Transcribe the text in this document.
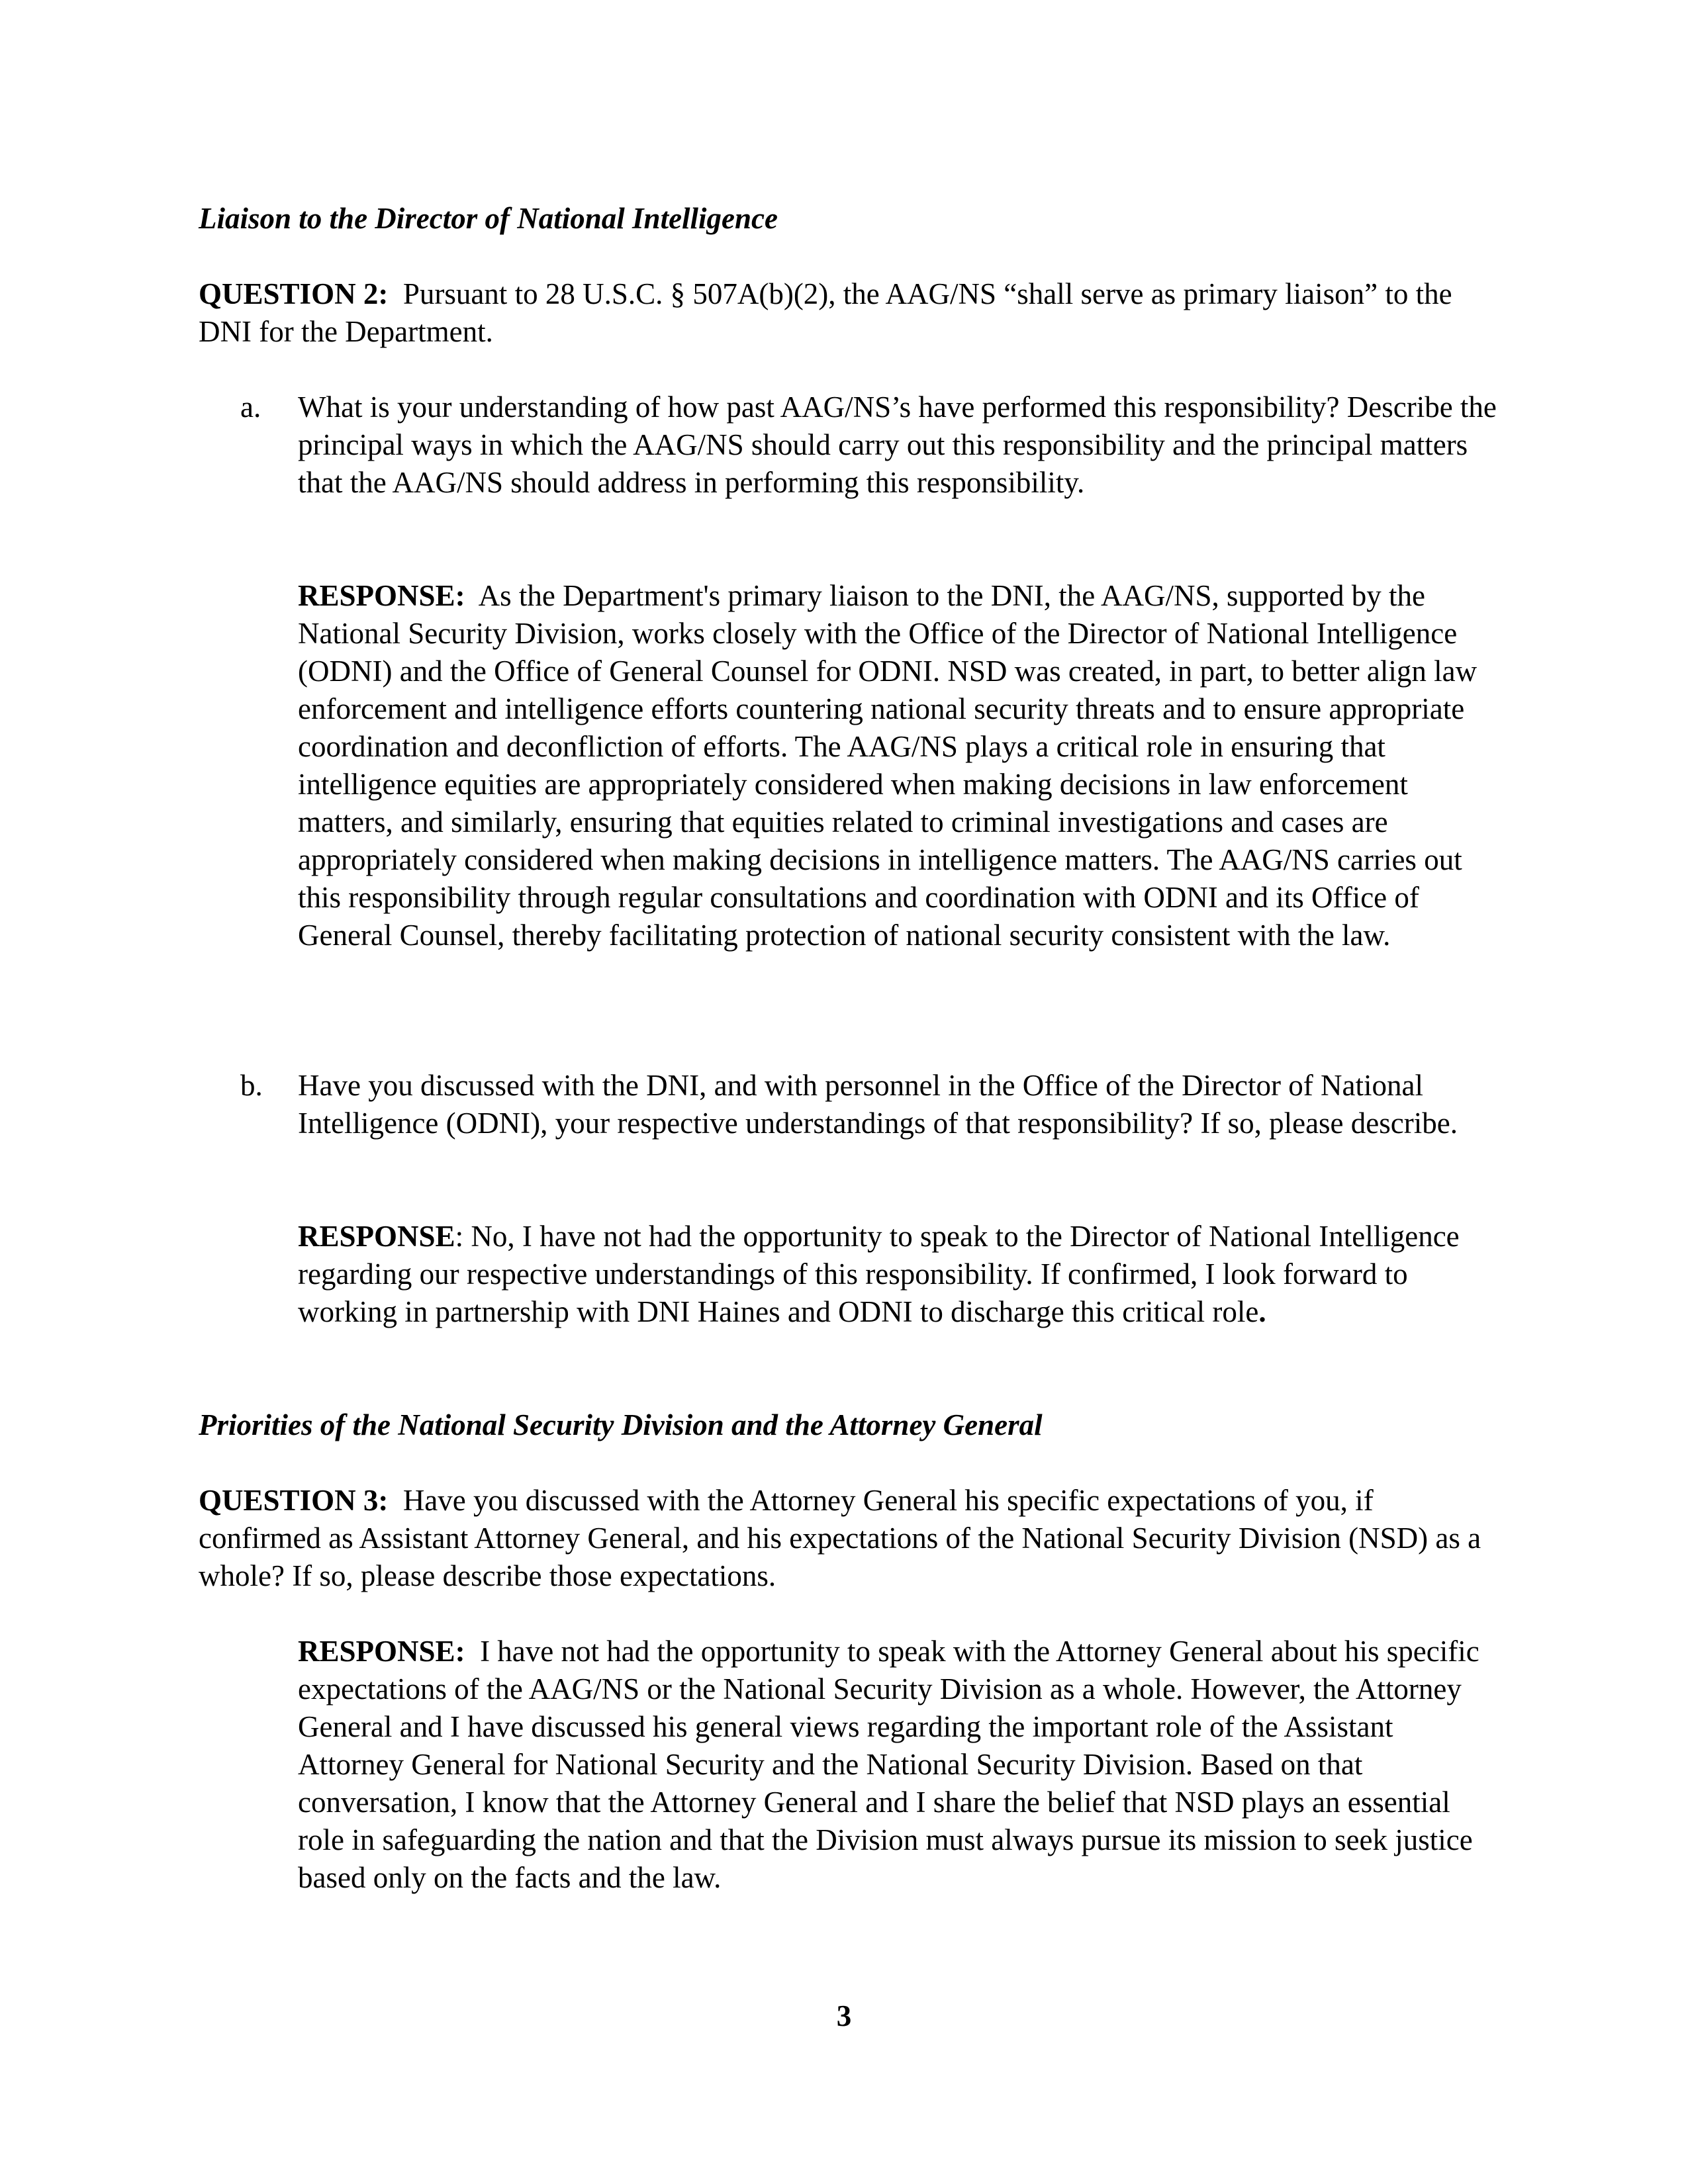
Liaison to the Director of National Intelligence

QUESTION 2: Pursuant to 28 U.S.C. § 507A(b)(2), the AAG/NS “shall serve as primary liaison” to the DNI for the Department.

a. What is your understanding of how past AAG/NS’s have performed this responsibility? Describe the principal ways in which the AAG/NS should carry out this responsibility and the principal matters that the AAG/NS should address in performing this responsibility.

RESPONSE: As the Department's primary liaison to the DNI, the AAG/NS, supported by the National Security Division, works closely with the Office of the Director of National Intelligence (ODNI) and the Office of General Counsel for ODNI. NSD was created, in part, to better align law enforcement and intelligence efforts countering national security threats and to ensure appropriate coordination and deconfliction of efforts. The AAG/NS plays a critical role in ensuring that intelligence equities are appropriately considered when making decisions in law enforcement matters, and similarly, ensuring that equities related to criminal investigations and cases are appropriately considered when making decisions in intelligence matters. The AAG/NS carries out this responsibility through regular consultations and coordination with ODNI and its Office of General Counsel, thereby facilitating protection of national security consistent with the law.

b. Have you discussed with the DNI, and with personnel in the Office of the Director of National Intelligence (ODNI), your respective understandings of that responsibility? If so, please describe.

RESPONSE: No, I have not had the opportunity to speak to the Director of National Intelligence regarding our respective understandings of this responsibility. If confirmed, I look forward to working in partnership with DNI Haines and ODNI to discharge this critical role.

Priorities of the National Security Division and the Attorney General

QUESTION 3: Have you discussed with the Attorney General his specific expectations of you, if confirmed as Assistant Attorney General, and his expectations of the National Security Division (NSD) as a whole? If so, please describe those expectations.

RESPONSE: I have not had the opportunity to speak with the Attorney General about his specific expectations of the AAG/NS or the National Security Division as a whole. However, the Attorney General and I have discussed his general views regarding the important role of the Assistant Attorney General for National Security and the National Security Division. Based on that conversation, I know that the Attorney General and I share the belief that NSD plays an essential role in safeguarding the nation and that the Division must always pursue its mission to seek justice based only on the facts and the law.

3
